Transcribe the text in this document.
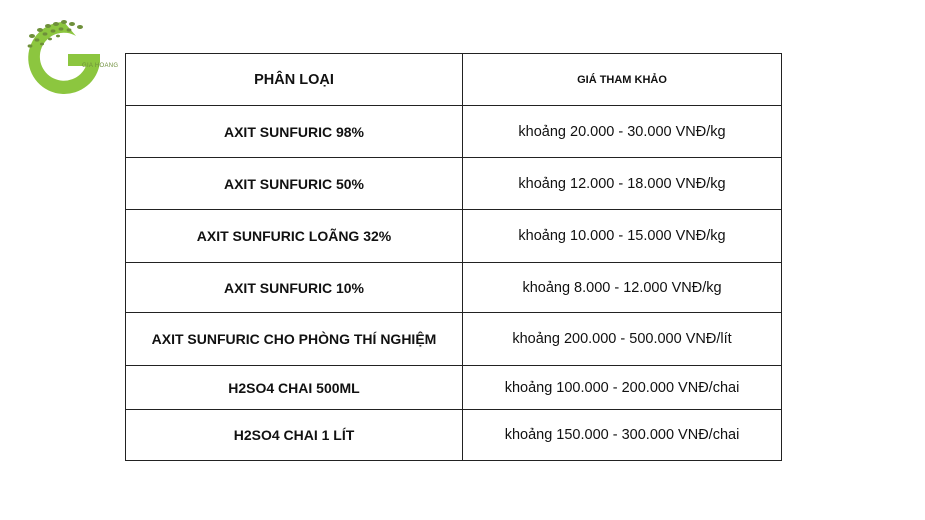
GIA HOANG
PHÂN LOẠI	GIÁ THAM KHẢO
AXIT SUNFURIC 98%	khoảng 20.000 - 30.000 VNĐ/kg
AXIT SUNFURIC 50%	khoảng 12.000 - 18.000 VNĐ/kg
AXIT SUNFURIC LOÃNG 32%	khoảng 10.000 - 15.000 VNĐ/kg
AXIT SUNFURIC 10%	khoảng 8.000 - 12.000 VNĐ/kg
AXIT SUNFURIC CHO PHÒNG THÍ NGHIỆM	khoảng 200.000 - 500.000 VNĐ/lít
H2SO4 CHAI 500ML	khoảng 100.000 - 200.000 VNĐ/chai
H2SO4 CHAI 1 LÍT	khoảng 150.000 - 300.000 VNĐ/chai
